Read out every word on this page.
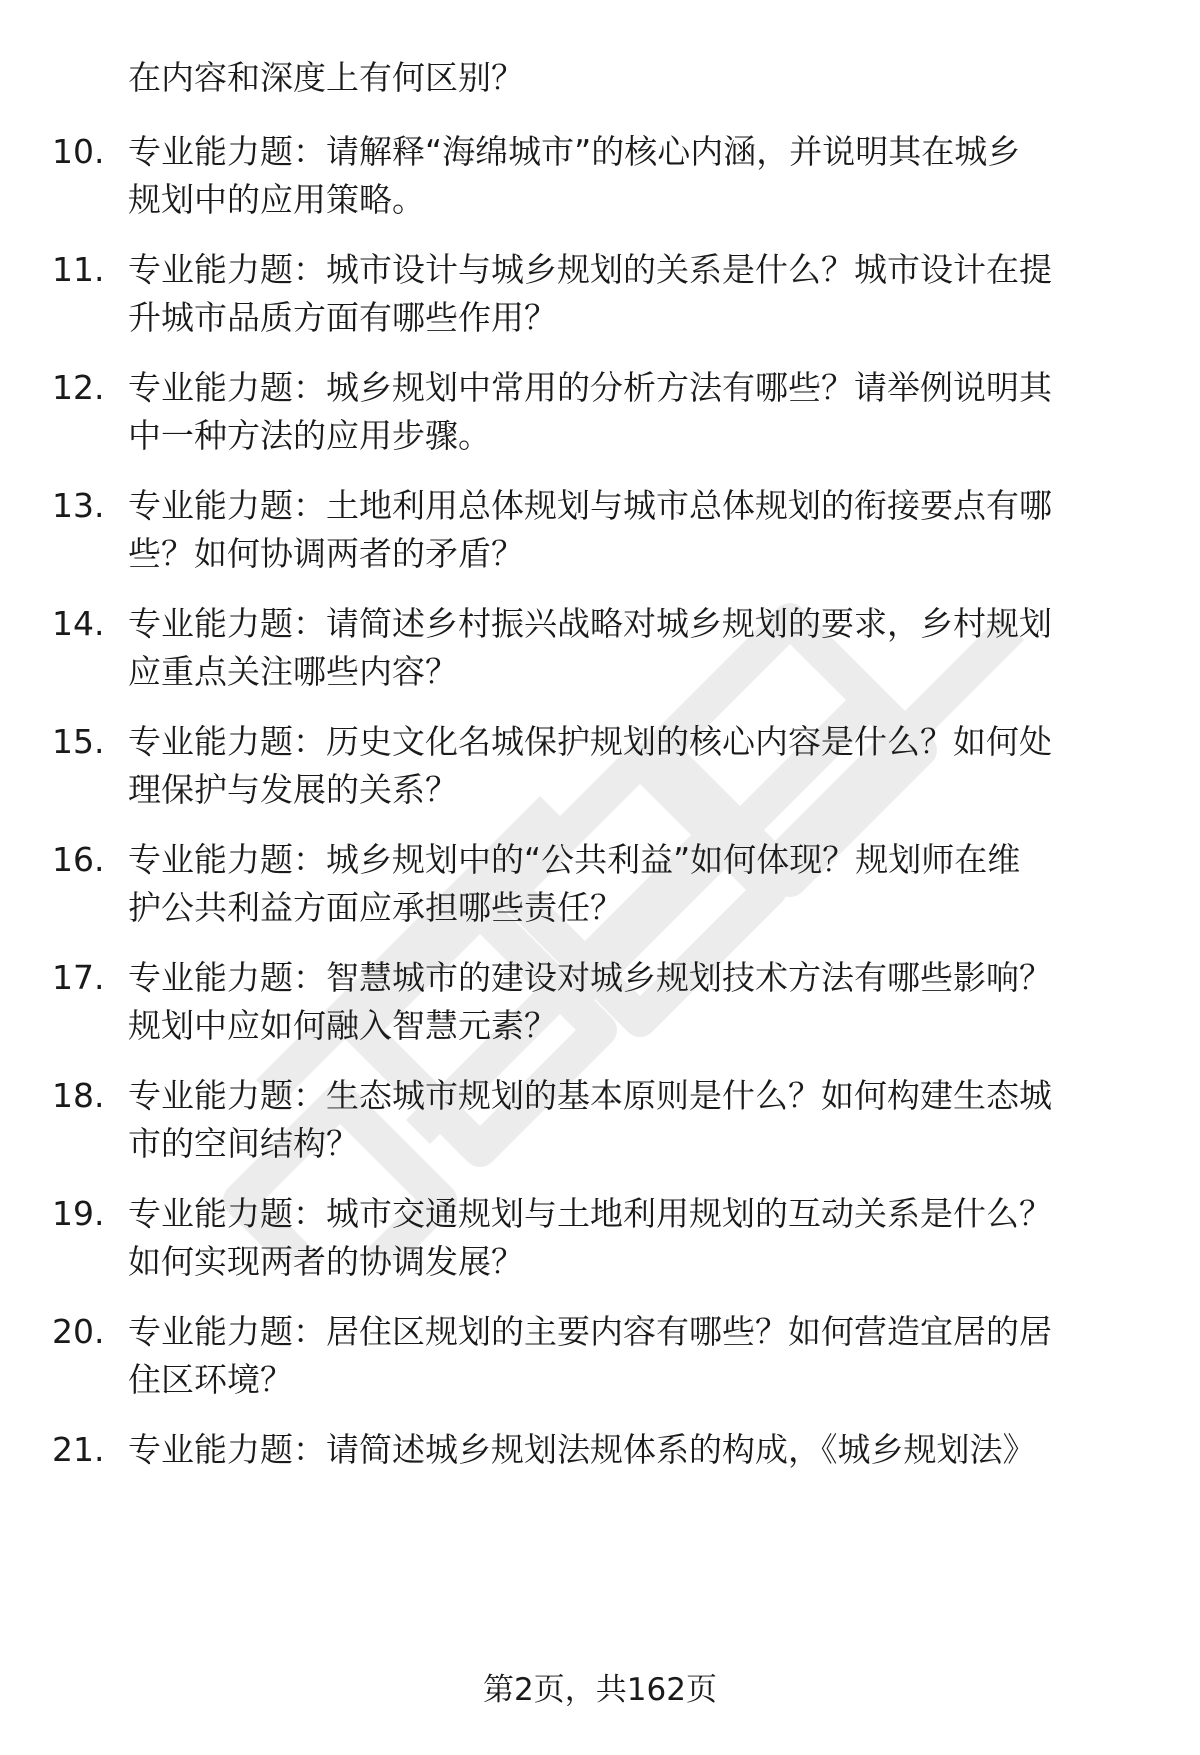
在内容和深度上有何区别？

10. 专业能力题：请解释“海绵城市”的核心内涵，并说明其在城乡
规划中的应用策略。
11. 专业能力题：城市设计与城乡规划的关系是什么？城市设计在提
升城市品质方面有哪些作用？
12. 专业能力题：城乡规划中常用的分析方法有哪些？请举例说明其
中一种方法的应用步骤。
13. 专业能力题：土地利用总体规划与城市总体规划的衔接要点有哪
些？如何协调两者的矛盾？
14. 专业能力题：请简述乡村振兴战略对城乡规划的要求，乡村规划
应重点关注哪些内容？
15. 专业能力题：历史文化名城保护规划的核心内容是什么？如何处
理保护与发展的关系？
16. 专业能力题：城乡规划中的“公共利益”如何体现？规划师在维
护公共利益方面应承担哪些责任？
17. 专业能力题：智慧城市的建设对城乡规划技术方法有哪些影响？
规划中应如何融入智慧元素？
18. 专业能力题：生态城市规划的基本原则是什么？如何构建生态城
市的空间结构？
19. 专业能力题：城市交通规划与土地利用规划的互动关系是什么？
如何实现两者的协调发展？
20. 专业能力题：居住区规划的主要内容有哪些？如何营造宜居的居
住区环境？
21. 专业能力题：请简述城乡规划法规体系的构成，《城乡规划法》
第2页，共162页
